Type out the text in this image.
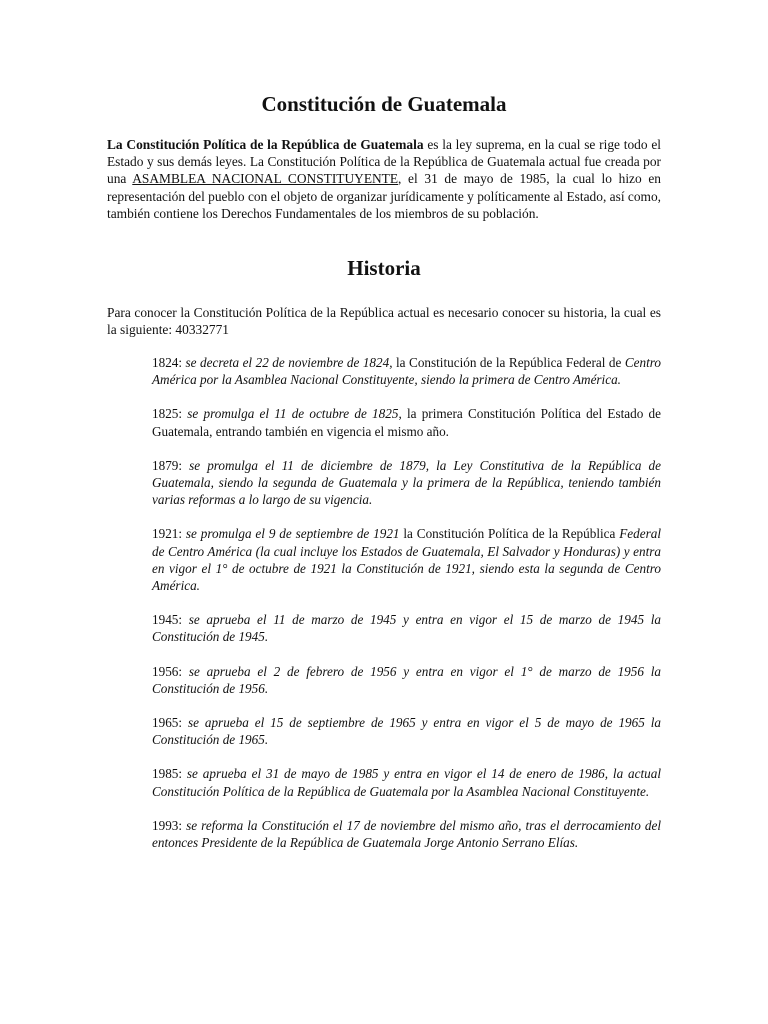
Constitución de Guatemala

La Constitución Política de la República de Guatemala es la ley suprema, en la cual se rige todo el Estado y sus demás leyes. La Constitución Política de la República de Guatemala actual fue creada por una ASAMBLEA NACIONAL CONSTITUYENTE, el 31 de mayo de 1985, la cual lo hizo en representación del pueblo con el objeto de organizar jurídicamente y políticamente al Estado, así como, también contiene los Derechos Fundamentales de los miembros de su población.

Historia

Para conocer la Constitución Política de la República actual es necesario conocer su historia, la cual es la siguiente: 40332771

1824: se decreta el 22 de noviembre de 1824, la Constitución de la República Federal de Centro América por la Asamblea Nacional Constituyente, siendo la primera de Centro América.
1825: se promulga el 11 de octubre de 1825, la primera Constitución Política del Estado de Guatemala, entrando también en vigencia el mismo año.
1879: se promulga el 11 de diciembre de 1879, la Ley Constitutiva de la República de Guatemala, siendo la segunda de Guatemala y la primera de la República, teniendo también varias reformas a lo largo de su vigencia.
1921: se promulga el 9 de septiembre de 1921 la Constitución Política de la República Federal de Centro América (la cual incluye los Estados de Guatemala, El Salvador y Honduras) y entra en vigor el 1° de octubre de 1921 la Constitución de 1921, siendo esta la segunda de Centro América.
1945: se aprueba el 11 de marzo de 1945 y entra en vigor el 15 de marzo de 1945 la Constitución de 1945.
1956: se aprueba el 2 de febrero de 1956 y entra en vigor el 1° de marzo de 1956 la Constitución de 1956.
1965: se aprueba el 15 de septiembre de 1965 y entra en vigor el 5 de mayo de 1965 la Constitución de 1965.
1985: se aprueba el 31 de mayo de 1985 y entra en vigor el 14 de enero de 1986, la actual Constitución Política de la República de Guatemala por la Asamblea Nacional Constituyente.
1993: se reforma la Constitución el 17 de noviembre del mismo año, tras el derrocamiento del entonces Presidente de la República de Guatemala Jorge Antonio Serrano Elías.
